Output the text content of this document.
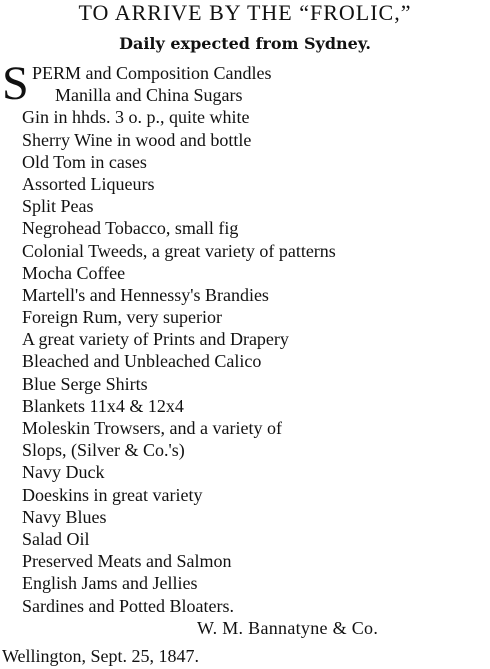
TO ARRIVE BY THE “FROLIC,”
Daily expected from Sydney.
S PERM and Composition Candles
Manilla and China Sugars
Gin in hhds. 3 o. p., quite white
Sherry Wine in wood and bottle
Old Tom in cases
Assorted Liqueurs
Split Peas
Negrohead Tobacco, small fig
Colonial Tweeds, a great variety of patterns
Mocha Coffee
Martell's and Hennessy's Brandies
Foreign Rum, very superior
A great variety of Prints and Drapery
Bleached and Unbleached Calico
Blue Serge Shirts
Blankets 11x4 & 12x4
Moleskin Trowsers, and a variety of
Slops, (Silver & Co.'s)
Navy Duck
Doeskins in great variety
Navy Blues
Salad Oil
Preserved Meats and Salmon
English Jams and Jellies
Sardines and Potted Bloaters.
W. M. Bannatyne & Co.
Wellington, Sept. 25, 1847.
